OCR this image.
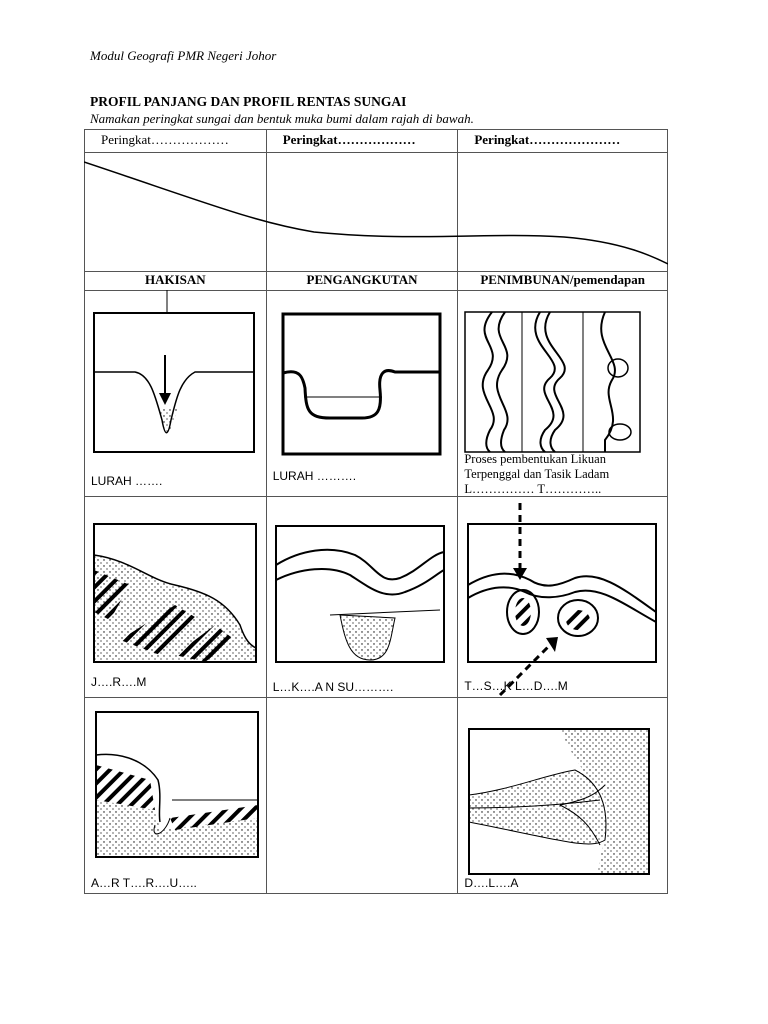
Modul Geografi PMR Negeri Johor
PROFIL PANJANG DAN PROFIL RENTAS SUNGAI
Namakan peringkat sungai dan bentuk muka bumi dalam rajah di bawah.
Peringkat………………	Peringkat………………	Peringkat…………………

HAKISAN	PENGANGKUTAN	PENIMBUNAN/pemendapan

LURAH …….	LURAH ……….	Proses pembentukan Likuan
Terpenggal dan Tasik Ladam
L…………… T…………..

J….R….M	L…K….A N SU……….	T…S…K L…D….M

A…R T….R….U…..		D….L….A
